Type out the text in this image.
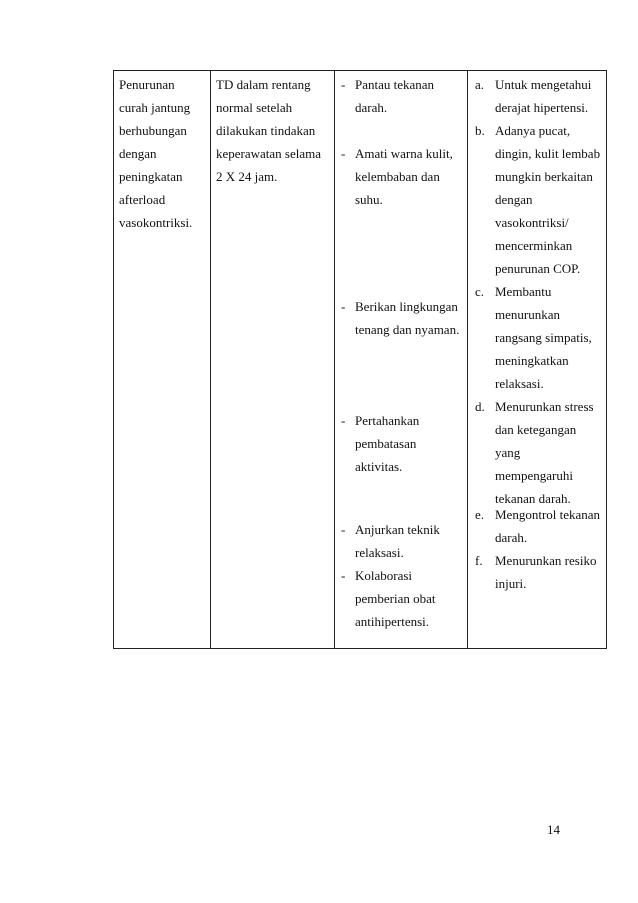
Penurunan
curah jantung
berhubungan
dengan
peningkatan
afterload
vasokontriksi.

TD dalam rentang
normal setelah
dilakukan tindakan
keperawatan selama
2 X 24 jam.

- Pantau tekanan
darah.
- Amati warna kulit,
kelembaban dan
suhu.
- Berikan lingkungan
tenang dan nyaman.
- Pertahankan
pembatasan
aktivitas.
- Anjurkan teknik
relaksasi.
- Kolaborasi
pemberian obat
antihipertensi.

a. Untuk mengetahui
derajat hipertensi.
b. Adanya pucat,
dingin, kulit lembab
mungkin berkaitan
dengan
vasokontriksi/
mencerminkan
penurunan COP.
c. Membantu
menurunkan
rangsang simpatis,
meningkatkan
relaksasi.
d. Menurunkan stress
dan ketegangan
yang
mempengaruhi
tekanan darah.
e. Mengontrol tekanan
darah.
f. Menurunkan resiko
injuri.
14
